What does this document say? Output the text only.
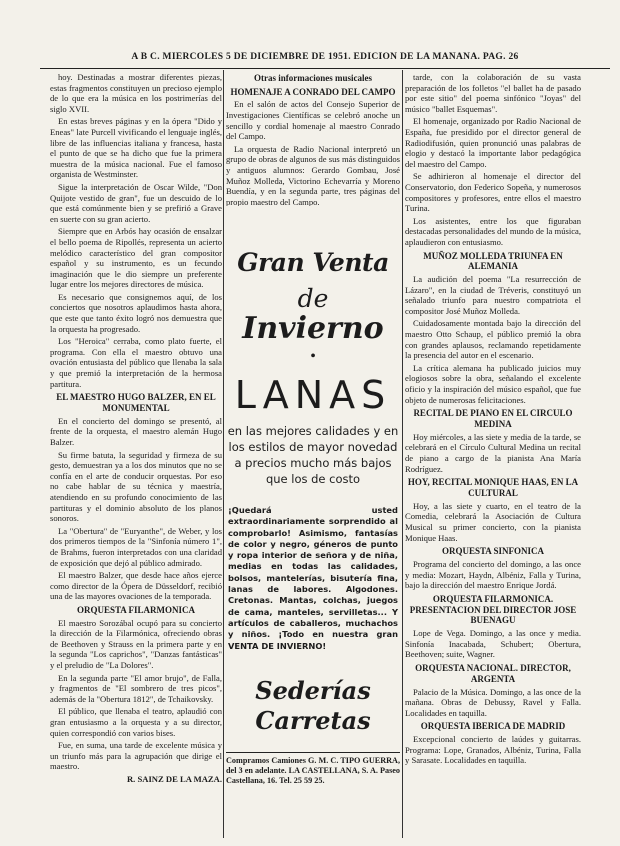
A B C. MIERCOLES 5 DE DICIEMBRE DE 1951. EDICION DE LA MAÑANA. PAG. 26

hoy. Destinadas a mostrar diferentes piezas, estas fragmentos constituyen un precioso ejemplo de lo que era la música en los postrimerías del siglo XVII.

En estas breves páginas y en la ópera "Dido y Eneas" late Purcell vivificando el lenguaje inglés, libre de las influencias italiana y francesa, hasta el punto de que se ha dicho que fue la primera muestra de la música nacional. Fue el famoso organista de Westminster.

Sigue la interpretación de Oscar Wilde, "Don Quijote vestido de gran", fue un descuido de lo que está comúnmente bien y se prefirió a Grave en suerte con su gran acierto.

Siempre que en Arbós hay ocasión de ensalzar el bello poema de Ripollés, representa un acierto melódico característico del gran compositor español y su instrumento, es un fecundo imaginación que le dio siempre un preferente lugar entre los mejores directores de música.

Es necesario que consignemos aquí, de los conciertos que nosotros aplaudimos hasta ahora, que este que tanto éxito logró nos demuestra que la orquesta ha progresado.

Los "Heroica" cerraba, como plato fuerte, el programa. Con ella el maestro obtuvo una ovación entusiasta del público que llenaba la sala y que premió la interpretación de la hermosa partitura.

EL MAESTRO HUGO BALZER, EN EL MONUMENTAL

En el concierto del domingo se presentó, al frente de la orquesta, el maestro alemán Hugo Balzer.

Su firme batuta, la seguridad y firmeza de su gesto, demuestran ya a los dos minutos que no se confía en el arte de conducir orquestas. Por eso no cabe hablar de su técnica y maestría, atendiendo en su profundo conocimiento de las partituras y el dominio absoluto de los planos sonoros.

La "Obertura" de "Euryanthe", de Weber, y los dos primeros tiempos de la "Sinfonía número 1", de Brahms, fueron interpretados con una claridad de exposición que dejó al público admirado.

El maestro Balzer, que desde hace años ejerce como director de la Ópera de Düsseldorf, recibió una de las mayores ovaciones de la temporada.

ORQUESTA FILARMONICA

El maestro Sorozábal ocupó para su concierto la dirección de la Filarmónica, ofreciendo obras de Beethoven y Strauss en la primera parte y en la segunda "Los caprichos", "Danzas fantásticas" y el preludio de "La Dolores".

En la segunda parte "El amor brujo", de Falla, y fragmentos de "El sombrero de tres picos", además de la "Obertura 1812", de Tchaikovsky.

El público, que llenaba el teatro, aplaudió con gran entusiasmo a la orquesta y a su director, quien correspondió con varios bises.

Fue, en suma, una tarde de excelente música y un triunfo más para la agrupación que dirige el maestro.

R. SAINZ DE LA MAZA.
Otras informaciones musicales
HOMENAJE A CONRADO DEL CAMPO

En el salón de actos del Consejo Superior de Investigaciones Científicas se celebró anoche un sencillo y cordial homenaje al maestro Conrado del Campo.

La orquesta de Radio Nacional interpretó un grupo de obras de algunos de sus más distinguidos y antiguos alumnos: Gerardo Gombau, José Muñoz Molleda, Victorino Echevarría y Moreno Buendía, y en la segunda parte, tres páginas del propio maestro del Campo.

Gran Venta
de Invierno
•
LANAS
en las mejores calidades y en los estilos de mayor novedad a precios mucho más bajos que los de costo
¡Quedará usted extraordinariamente sorprendido al comprobarlo! Asimismo, fantasías de color y negro, géneros de punto y ropa interior de señora y de niña, medias en todas las calidades, bolsos, mantelerías, bisutería fina, lanas de labores. Algodones. Cretonas. Mantas, colchas, juegos de cama, manteles, servilletas... Y artículos de caballeros, muchachos y niños. ¡Todo en nuestra gran VENTA DE INVIERNO!
Sederías
Carretas
Compramos Camiones G. M. C. TIPO GUERRA, del 3 en adelante. LA CASTELLANA, S. A. Paseo Castellana, 16. Tel. 25 59 25.

tarde, con la colaboración de su vasta preparación de los folletos "el ballet ha de pasado por este sitio" del poema sinfónico "Joyas" del músico "ballet Esquemas".

El homenaje, organizado por Radio Nacional de España, fue presidido por el director general de Radiodifusión, quien pronunció unas palabras de elogio y destacó la importante labor pedagógica del maestro del Campo.

Se adhirieron al homenaje el director del Conservatorio, don Federico Sopeña, y numerosos compositores y profesores, entre ellos el maestro Turina.

Los asistentes, entre los que figuraban destacadas personalidades del mundo de la música, aplaudieron con entusiasmo.

MUÑOZ MOLLEDA TRIUNFA EN ALEMANIA

La audición del poema "La resurrección de Lázaro", en la ciudad de Tréveris, constituyó un señalado triunfo para nuestro compatriota el compositor José Muñoz Molleda.

Cuidadosamente montada bajo la dirección del maestro Otto Schaup, el público premió la obra con grandes aplausos, reclamando repetidamente la presencia del autor en el escenario.

La crítica alemana ha publicado juicios muy elogiosos sobre la obra, señalando el excelente oficio y la inspiración del músico español, que fue objeto de numerosas felicitaciones.

RECITAL DE PIANO EN EL CIRCULO MEDINA

Hoy miércoles, a las siete y media de la tarde, se celebrará en el Círculo Cultural Medina un recital de piano a cargo de la pianista Ana María Rodríguez.

HOY, RECITAL MONIQUE HAAS, EN LA CULTURAL

Hoy, a las siete y cuarto, en el teatro de la Comedia, celebrará la Asociación de Cultura Musical su primer concierto, con la pianista Monique Haas.

ORQUESTA SINFONICA

Programa del concierto del domingo, a las once y media: Mozart, Haydn, Albéniz, Falla y Turina, bajo la dirección del maestro Enrique Jordá.

ORQUESTA FILARMONICA. PRESENTACION DEL DIRECTOR JOSE BUENAGU

Lope de Vega. Domingo, a las once y media. Sinfonía Inacabada, Schubert; Obertura, Beethoven; suite, Wagner.

ORQUESTA NACIONAL. DIRECTOR, ARGENTA

Palacio de la Música. Domingo, a las once de la mañana. Obras de Debussy, Ravel y Falla. Localidades en taquilla.

ORQUESTA IBERICA DE MADRID

Excepcional concierto de laúdes y guitarras. Programa: Lope, Granados, Albéniz, Turina, Falla y Sarasate. Localidades en taquilla.
